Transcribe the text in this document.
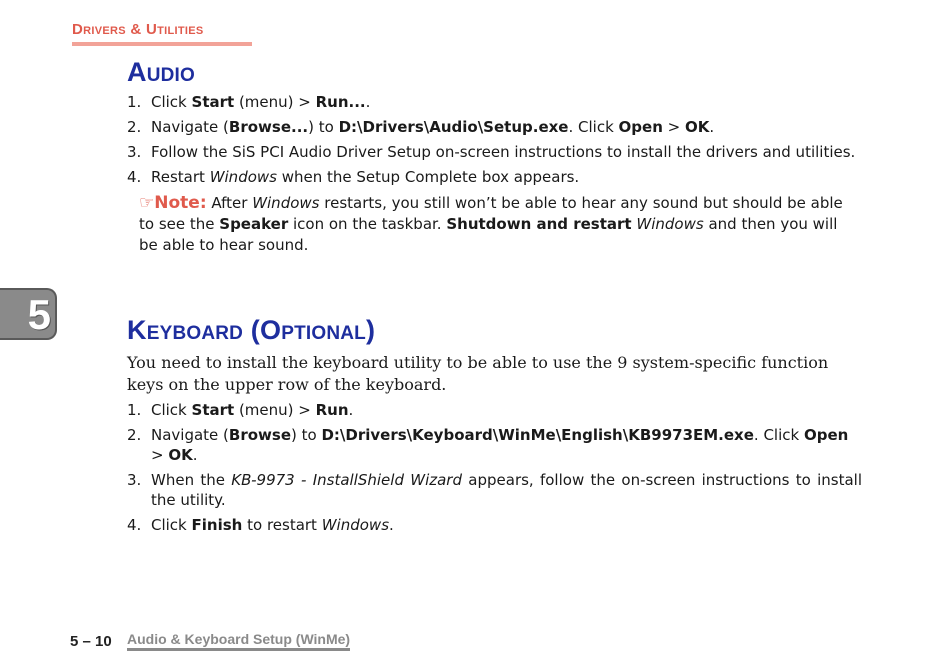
Drivers & Utilities
5
Audio
1. Click Start (menu) > Run....
2. Navigate (Browse...) to D:\Drivers\Audio\Setup.exe. Click Open > OK.
3. Follow the SiS PCI Audio Driver Setup on-screen instructions to install the drivers and utilities.
4. Restart Windows when the Setup Complete box appears.
☞Note: After Windows restarts, you still won’t be able to hear any sound but should be able to see the Speaker icon on the taskbar. Shutdown and restart Windows and then you will be able to hear sound.
Keyboard (Optional)
You need to install the keyboard utility to be able to use the 9 system-specific function keys on the upper row of the keyboard.
1. Click Start (menu) > Run.
2. Navigate (Browse) to D:\Drivers\Keyboard\WinMe\English\KB9973EM.exe. Click Open > OK.
3. When the KB-9973 - InstallShield Wizard appears, follow the on-screen instructions to install the utility.
4. Click Finish to restart Windows.
5 – 10 Audio & Keyboard Setup (WinMe)
